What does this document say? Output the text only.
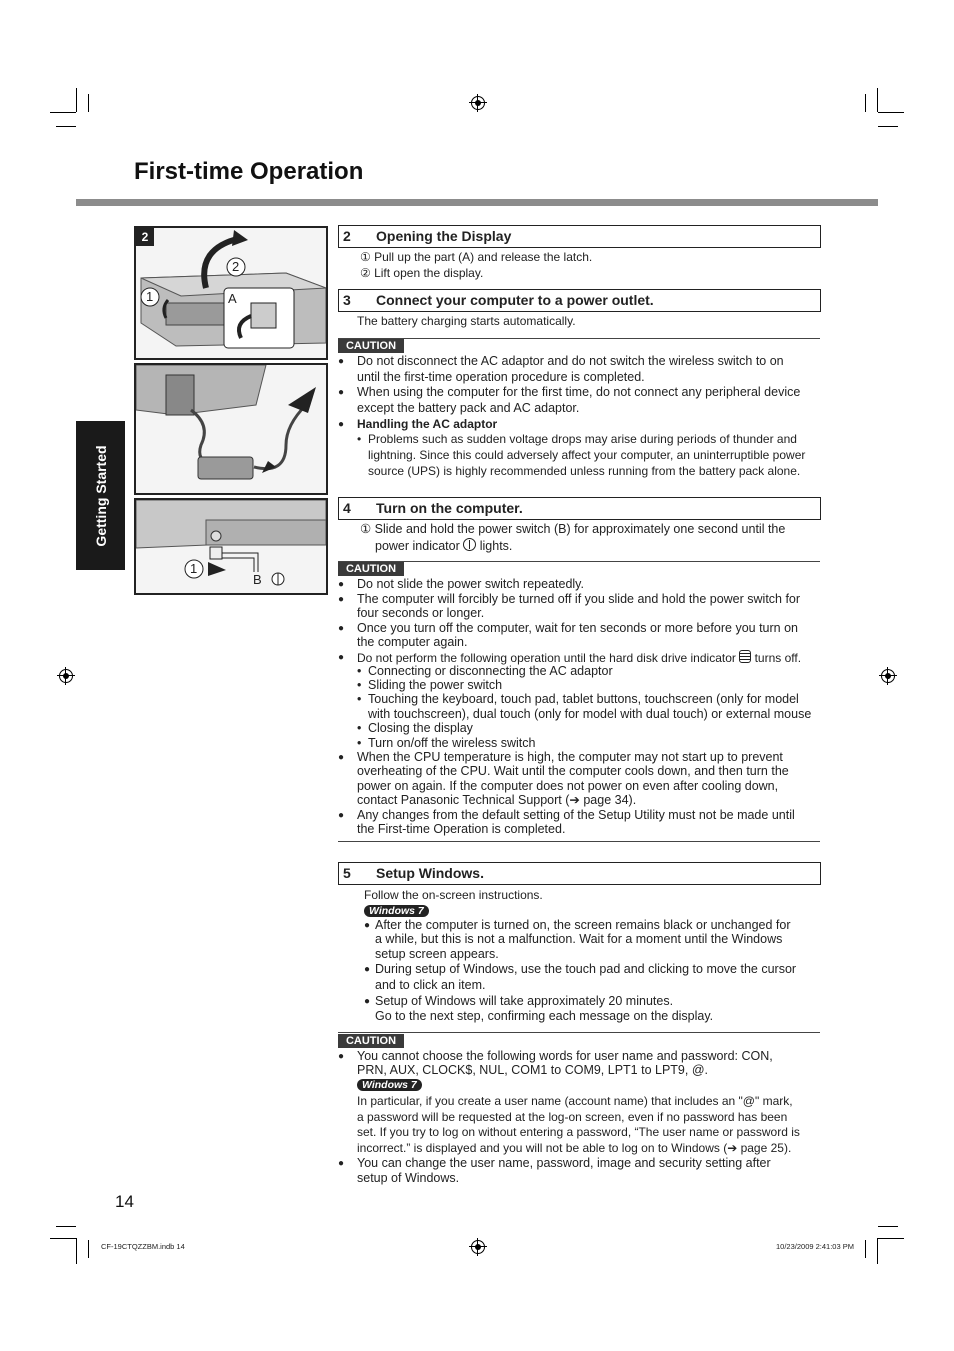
First-time Operation
Getting Started
2
2
1	A
1
B
2 Opening the Display
① Pull up the part (A) and release the latch.
② Lift open the display.
3 Connect your computer to a power outlet.
The battery charging starts automatically.
CAUTION
● Do not disconnect the AC adaptor and do not switch the wireless switch to on
until the first-time operation procedure is completed.
● When using the computer for the first time, do not connect any peripheral device
except the battery pack and AC adaptor.
● Handling the AC adaptor
• Problems such as sudden voltage drops may arise during periods of thunder and
lightning. Since this could adversely affect your computer, an uninterruptible power
source (UPS) is highly recommended unless running from the battery pack alone.
4 Turn on the computer.
① Slide and hold the power switch (B) for approximately one second until the
power indicator lights.
CAUTION
● Do not slide the power switch repeatedly.
● The computer will forcibly be turned off if you slide and hold the power switch for
four seconds or longer.
● Once you turn off the computer, wait for ten seconds or more before you turn on
the computer again.
● Do not perform the following operation until the hard disk drive indicator turns off.
• Connecting or disconnecting the AC adaptor
• Sliding the power switch
• Touching the keyboard, touch pad, tablet buttons, touchscreen (only for model
with touchscreen), dual touch (only for model with dual touch) or external mouse
• Closing the display
• Turn on/off the wireless switch
● When the CPU temperature is high, the computer may not start up to prevent
overheating of the CPU. Wait until the computer cools down, and then turn the
power on again. If the computer does not power on even after cooling down,
contact Panasonic Technical Support (➔ page 34).
● Any changes from the default setting of the Setup Utility must not be made until
the First-time Operation is completed.
5 Setup Windows.
Follow the on-screen instructions.
Windows 7
● After the computer is turned on, the screen remains black or unchanged for
a while, but this is not a malfunction. Wait for a moment until the Windows
setup screen appears.
● During setup of Windows, use the touch pad and clicking to move the cursor
and to click an item.
● Setup of Windows will take approximately 20 minutes.
Go to the next step, confirming each message on the display.
CAUTION
● You cannot choose the following words for user name and password: CON,
PRN, AUX, CLOCK$, NUL, COM1 to COM9, LPT1 to LPT9, @.
Windows 7
In particular, if you create a user name (account name) that includes an "@" mark,
a password will be requested at the log-on screen, even if no password has been
set. If you try to log on without entering a password, “The user name or password is
incorrect.” is displayed and you will not be able to log on to Windows (➔ page 25).
● You can change the user name, password, image and security setting after
setup of Windows.
14
CF-19CTQZZBM.indb 14	10/23/2009 2:41:03 PM
